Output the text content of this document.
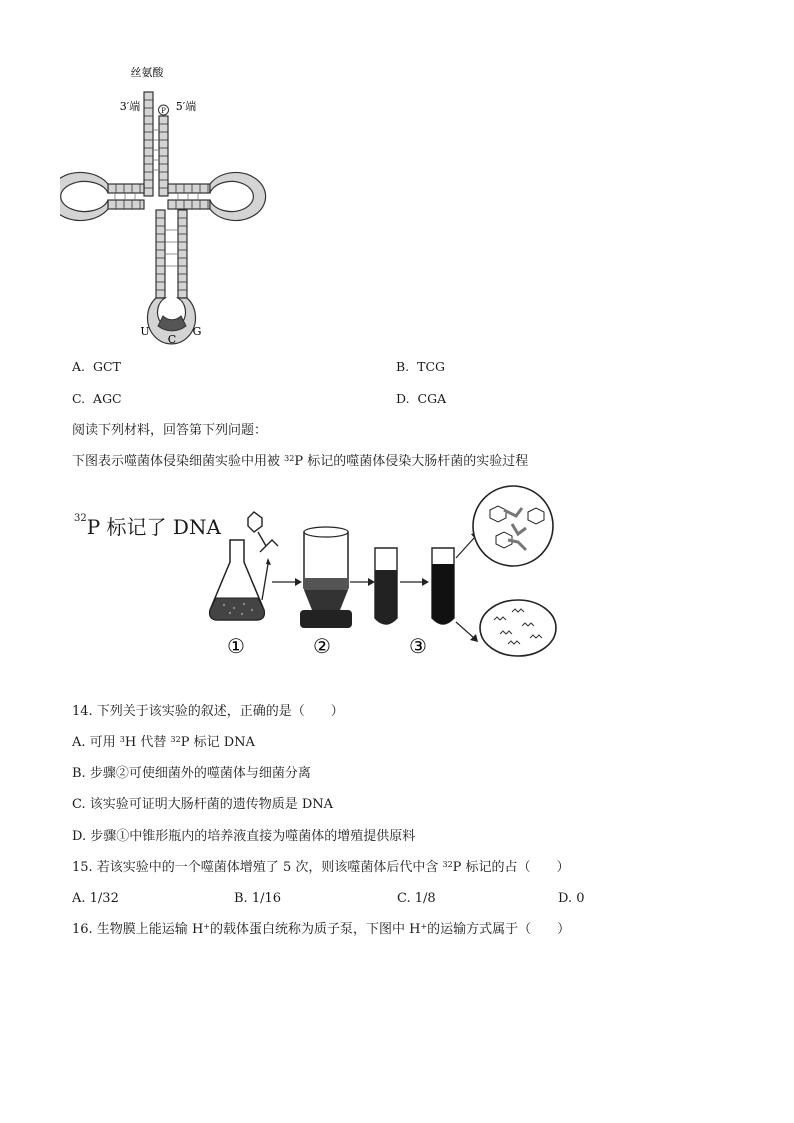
P
丝氨酸
3′端	5′端
U
C
G
A. GCT	B. TCG
C. AGC	D. CGA
阅读下列材料，回答第下列问题：
下图表示噬菌体侵染细菌实验中用被 $^{32}$P 标记的噬菌体侵染大肠杆菌的实验过程
$^{32}$P 标记了 DNA
①	②	③
14. 下列关于该实验的叙述，正确的是（　　）
A. 可用 $^3$H 代替 $^{32}$P 标记 DNA
B. 步骤②可使细菌外的噬菌体与细菌分离
C. 该实验可证明大肠杆菌的遗传物质是 DNA
D. 步骤①中锥形瓶内的培养液直接为噬菌体的增殖提供原料
15. 若该实验中的一个噬菌体增殖了 5 次，则该噬菌体后代中含 $^{32}$P 标记的占（　　）
A. 1/32	B. 1/16	C. 1/8	D. 0
16. 生物膜上能运输 H+的载体蛋白统称为质子泵，下图中 H+的运输方式属于（　　）
